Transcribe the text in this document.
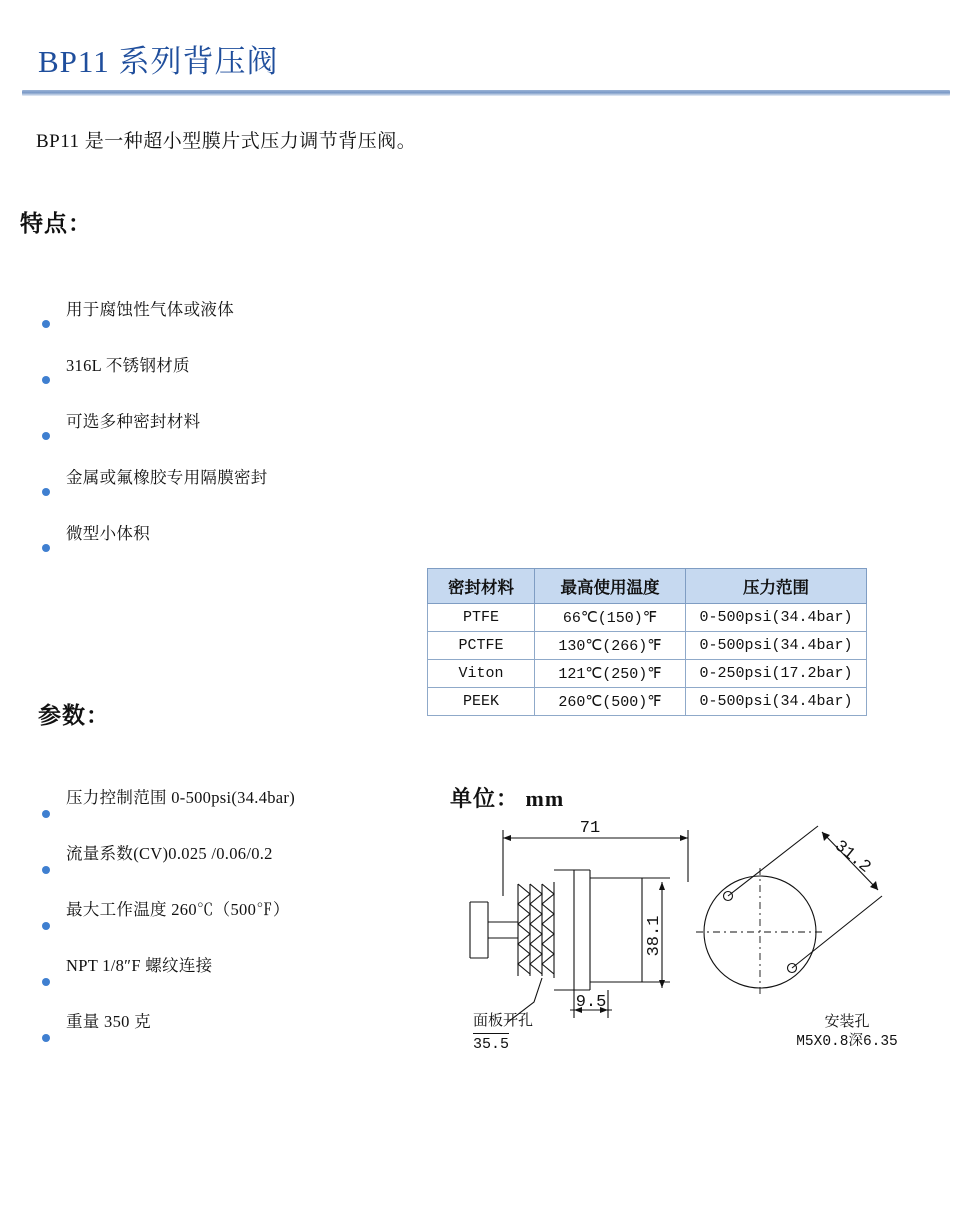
BP11 系列背压阀
BP11 是一种超小型膜片式压力调节背压阀。
特点：
用于腐蚀性气体或液体
316L 不锈钢材质
可选多种密封材料
金属或氟橡胶专用隔膜密封
微型小体积
密封材料	最高使用温度	压力范围
PTFE	66℃(150)℉	0-500psi(34.4bar)
PCTFE	130℃(266)℉	0-500psi(34.4bar)
Viton	121℃(250)℉	0-250psi(17.2bar)
PEEK	260℃(500)℉	0-500psi(34.4bar)
参数：
压力控制范围 0-500psi(34.4bar)
流量系数(CV)0.025 /0.06/0.2
最大工作温度 260℃（500℉）
NPT 1/8″F 螺纹连接
重量 350 克
单位： mm
71
38.1
9.5
31.2
面板开孔
35.5
安装孔
M5X0.8深6.35
